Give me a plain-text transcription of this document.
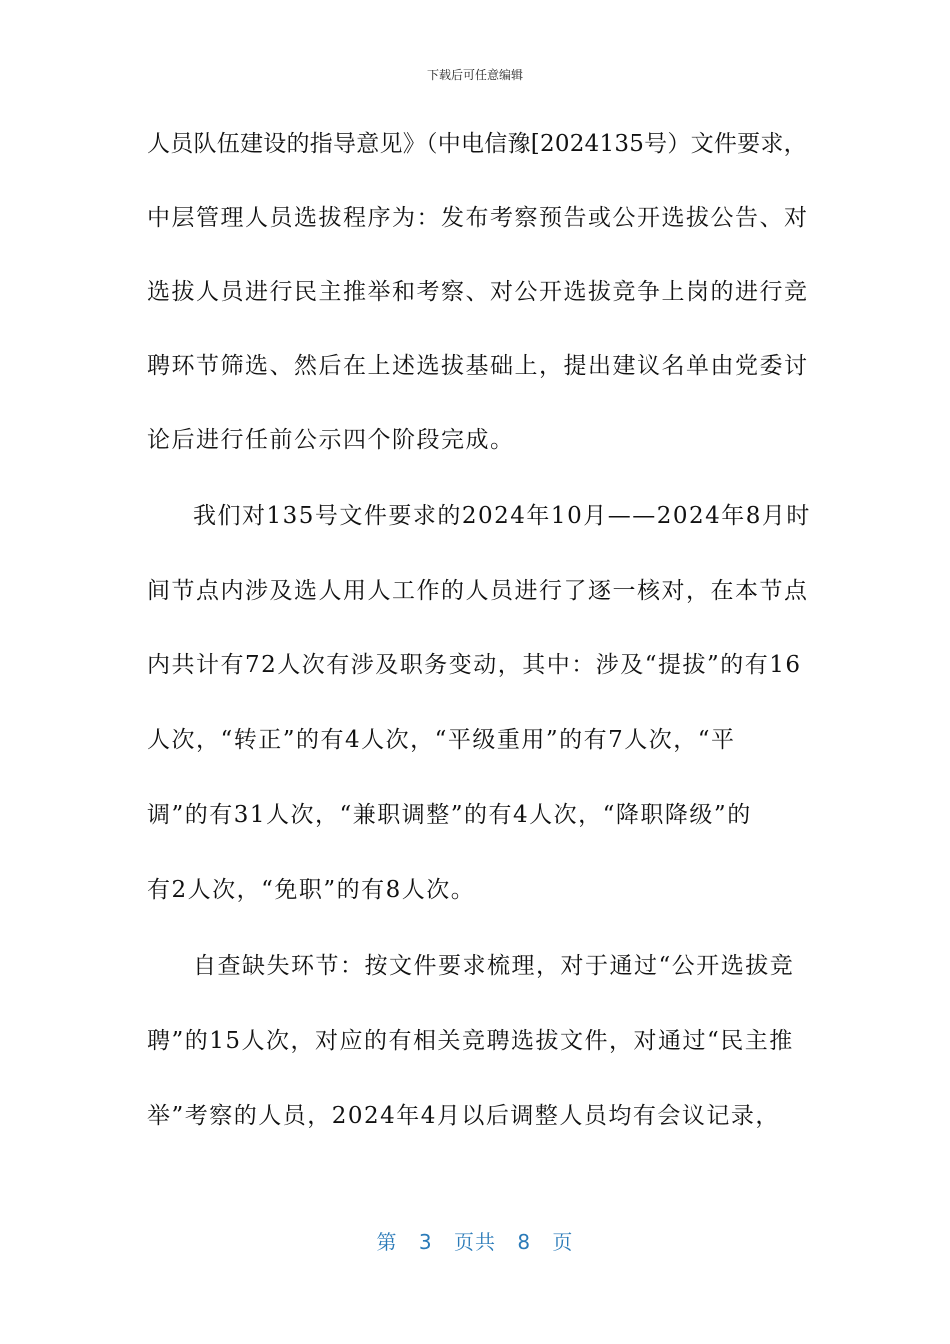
下载后可任意编辑
人员队伍建设的指导意见》（中电信豫[2024135号）文件要求，
中层管理人员选拔程序为：发布考察预告或公开选拔公告、对
选拔人员进行民主推举和考察、对公开选拔竞争上岗的进行竞
聘环节筛选、然后在上述选拔基础上，提出建议名单由党委讨
论后进行任前公示四个阶段完成。
我们对135号文件要求的2024年10月——2024年8月时
间节点内涉及选人用人工作的人员进行了逐一核对，在本节点
内共计有72人次有涉及职务变动，其中：涉及“提拔”的有16
人次，“转正”的有4人次，“平级重用”的有7人次，“平
调”的有31人次，“兼职调整”的有4人次，“降职降级”的
有2人次，“免职”的有8人次。
自查缺失环节：按文件要求梳理，对于通过“公开选拔竞
聘”的15人次，对应的有相关竞聘选拔文件，对通过“民主推
举”考察的人员，2024年4月以后调整人员均有会议记录，
第 3 页共 8 页
